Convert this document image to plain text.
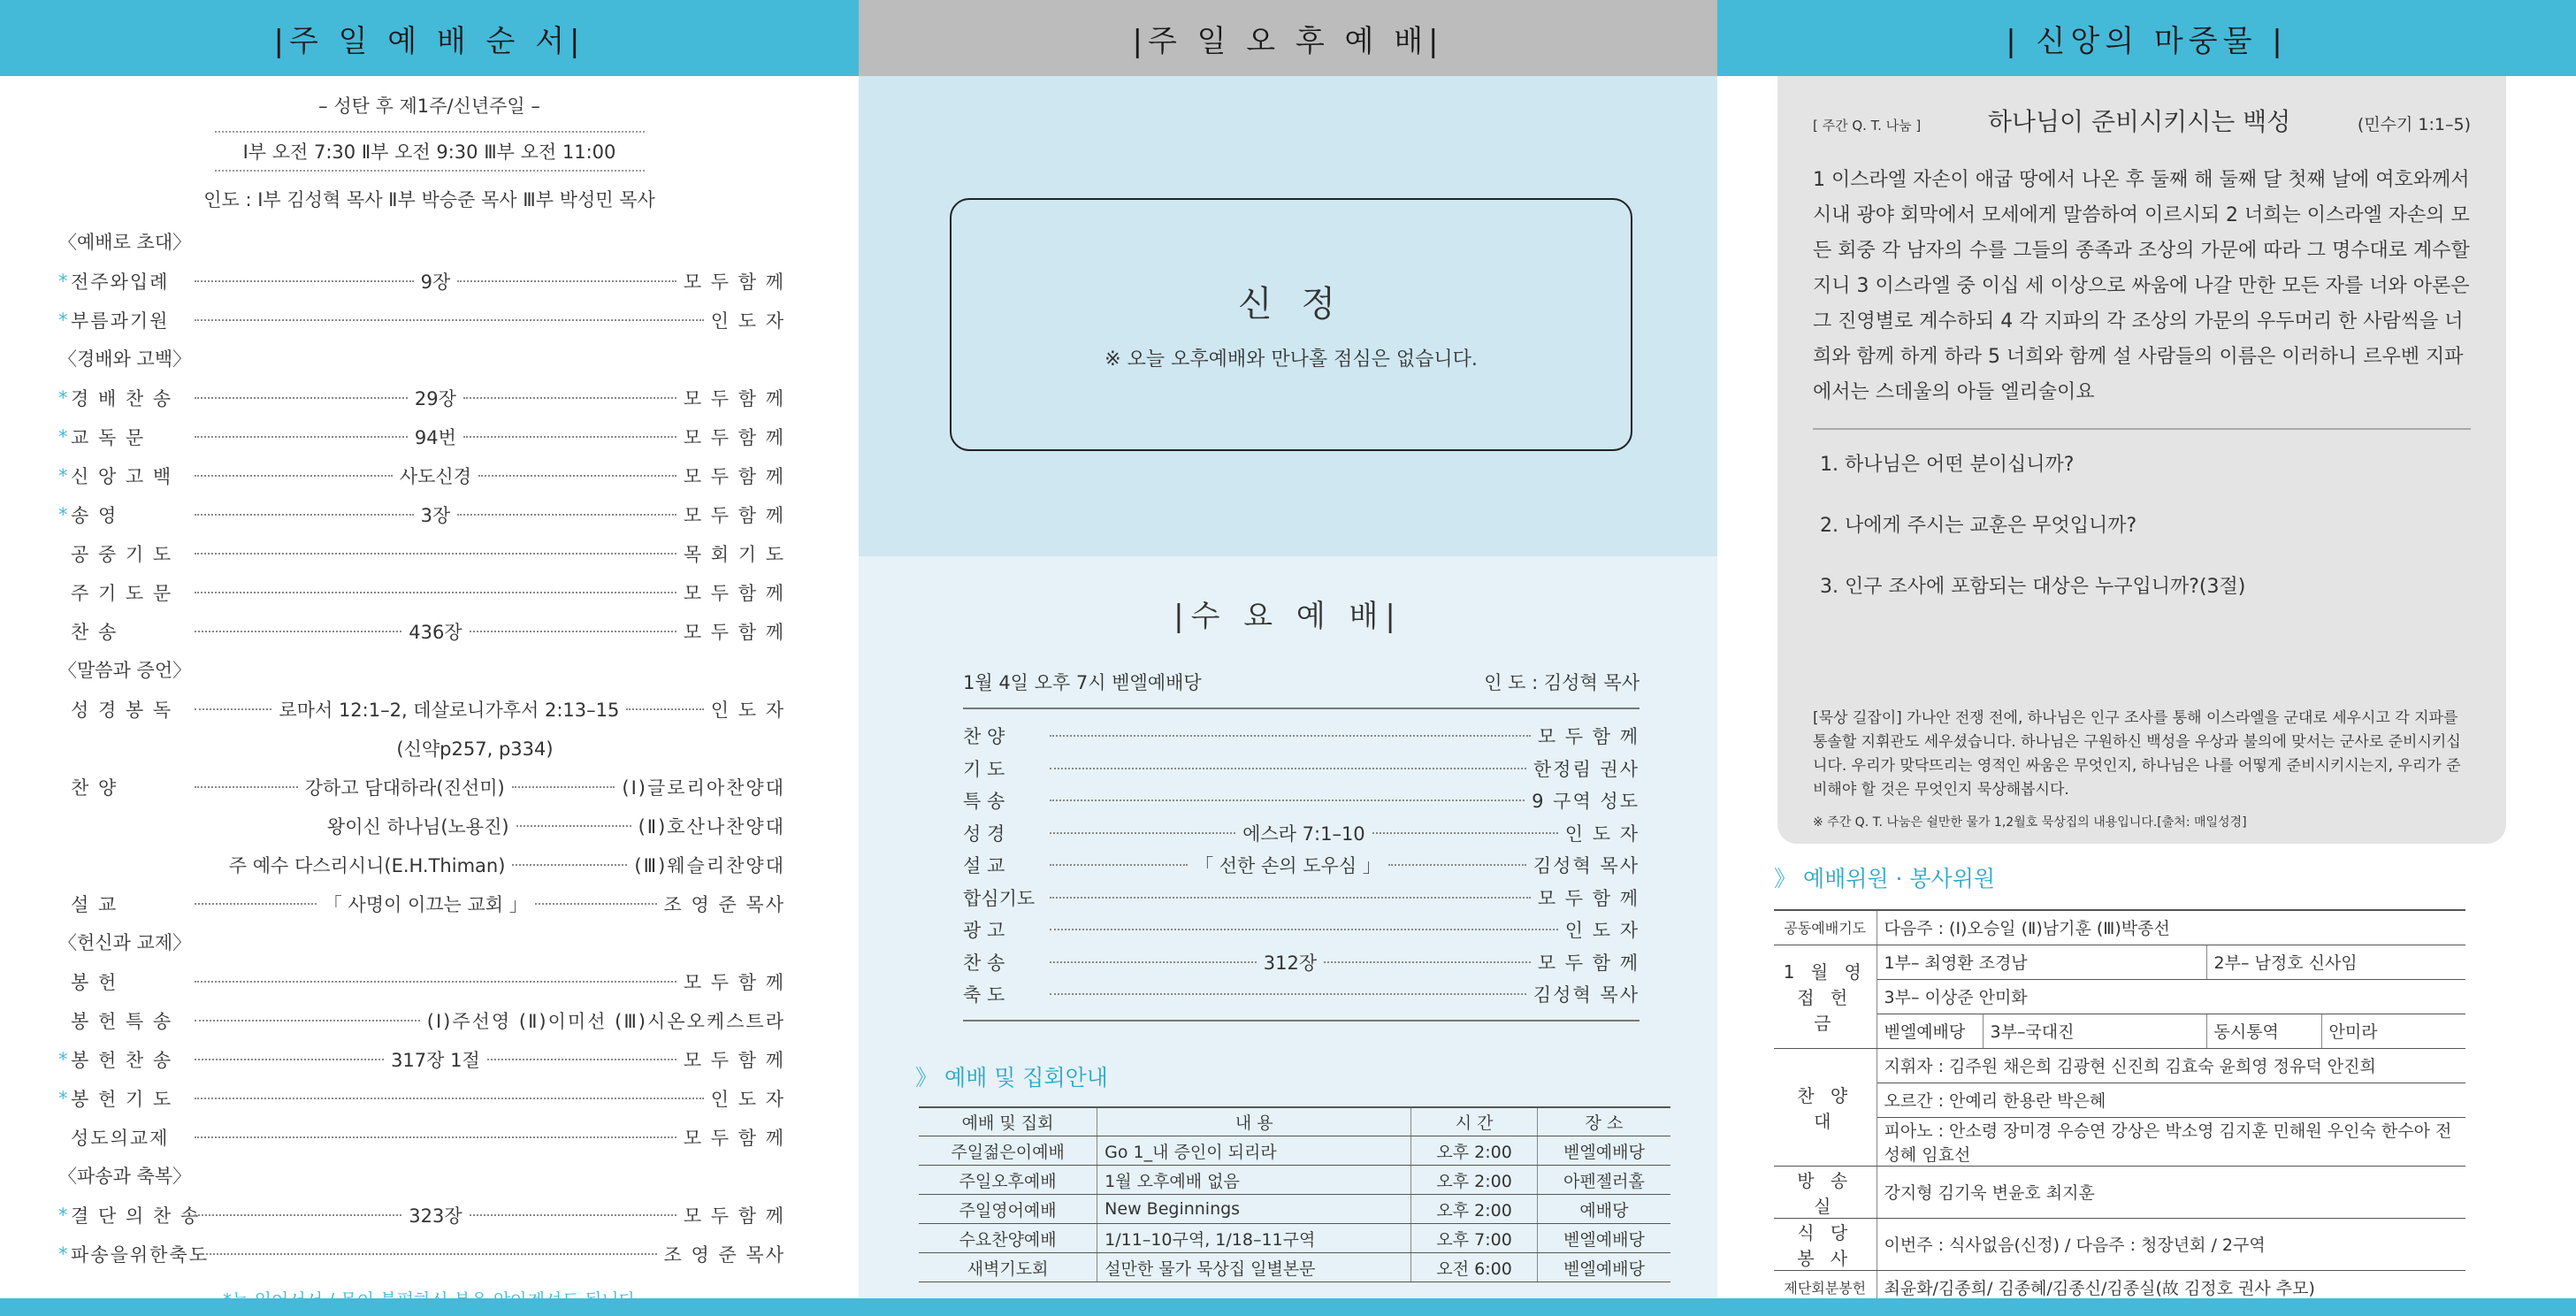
|주 일 예 배 순 서|
– 성탄 후 제1주/신년주일 –
Ⅰ부 오전 7:30 Ⅱ부 오전 9:30 Ⅲ부 오전 11:00
인도 : Ⅰ부 김성혁 목사 Ⅱ부 박승준 목사 Ⅲ부 박성민 목사
〈예배로 초대〉
* 전주와입례	9장	모 두 함 께
* 부름과기원	인 도 자
〈경배와 고백〉
* 경 배 찬 송	29장	모 두 함 께
* 교 독 문	94번	모 두 함 께
* 신 앙 고 백	사도신경	모 두 함 께
* 송 영	3장	모 두 함 께
공 중 기 도	목 회 기 도
주 기 도 문	모 두 함 께
찬 송	436장	모 두 함 께
〈말씀과 증언〉
성 경 봉 독	로마서 12:1–2, 데살로니가후서 2:13–15	인 도 자
(신약p257, p334)
찬 양	강하고 담대하라(진선미)	(Ⅰ)글로리아찬양대
왕이신 하나님(노용진)	(Ⅱ)호산나찬양대
주 예수 다스리시니(E.H.Thiman)	(Ⅲ)웨슬리찬양대
설 교	「 사명이 이끄는 교회 」	조 영 준 목사
〈헌신과 교제〉
봉 헌	모 두 함 께
봉 헌 특 송	(Ⅰ)주선영 (Ⅱ)이미선 (Ⅲ)시온오케스트라
* 봉 헌 찬 송	317장 1절	모 두 함 께
* 봉 헌 기 도	인 도 자
성도의교제	모 두 함 께
〈파송과 축복〉
* 결 단 의 찬 송	323장	모 두 함 께
* 파송을위한축도	조 영 준 목사
|주 일 오 후 예 배|
신 정
※ 오늘 오후예배와 만나홀 점심은 없습니다.
|수 요 예 배|
1월 4일 오후 7시 벧엘예배당	인 도 : 김성혁 목사
찬 양	모 두 함 께
기 도	한정림 권사
특 송	9 구역 성도
성 경	에스라 7:1–10	인 도 자
설 교	「 선한 손의 도우심 」	김성혁 목사
합심기도	모 두 함 께
광 고	인 도 자
찬 송	312장	모 두 함 께
축 도	김성혁 목사
》 예배 및 집회안내
예배 및 집회	내 용	시 간	장 소
주일젊은이예배	Go 1_내 증인이 되리라	오후 2:00	벧엘예배당
주일오후예배	1월 오후예배 없음	오후 2:00	아펜젤러홀
주일영어예배	New Beginnings	오후 2:00	예배당
수요찬양예배	1/11–10구역, 1/18–11구역	오후 7:00	벧엘예배당
새벽기도회	설만한 물가 묵상집 일별본문	오전 6:00	벧엘예배당
| 신앙의 마중물 |
[ 주간 Q. T. 나눔 ]	하나님이 준비시키시는 백성	(민수기 1:1–5)
1 이스라엘 자손이 애굽 땅에서 나온 후 둘째 해 둘째 달 첫째 날에 여호와께서 시내 광야 회막에서 모세에게 말씀하여 이르시되 2 너희는 이스라엘 자손의 모든 회중 각 남자의 수를 그들의 종족과 조상의 가문에 따라 그 명수대로 계수할지니 3 이스라엘 중 이십 세 이상으로 싸움에 나갈 만한 모든 자를 너와 아론은 그 진영별로 계수하되 4 각 지파의 각 조상의 가문의 우두머리 한 사람씩을 너희와 함께 하게 하라 5 너희와 함께 설 사람들의 이름은 이러하니 르우벤 지파에서는 스데울의 아들 엘리술이요
1. 하나님은 어떤 분이십니까?
2. 나에게 주시는 교훈은 무엇입니까?
3. 인구 조사에 포함되는 대상은 누구입니까?(3절)
[묵상 길잡이] 가나안 전쟁 전에, 하나님은 인구 조사를 통해 이스라엘을 군대로 세우시고 각 지파를 통솔할 지휘관도 세우셨습니다. 하나님은 구원하신 백성을 우상과 불의에 맞서는 군사로 준비시키십니다. 우리가 맞닥뜨리는 영적인 싸움은 무엇인지, 하나님은 나를 어떻게 준비시키시는지, 우리가 준비해야 할 것은 무엇인지 묵상해봅시다.
※ 주간 Q. T. 나눔은 쉴만한 물가 1,2월호 묵상집의 내용입니다.[출처: 매일성경]
》 예배위원 · 봉사위원
공동예배기도	다음주 : (Ⅰ)오승일 (Ⅱ)남기훈 (Ⅲ)박종선			
1 월 영 접 헌 금	1부– 최영환 조경남		2부– 남정호 신사임	
	3부– 이상준 안미화			
	벧엘예배당	3부–국대진	동시통역	안미라
찬 양 대	지휘자 : 김주원 채은희 김광현 신진희 김효숙 윤희영 정유덕 안진희			
	오르간 : 안예리 한용란 박은혜			
	피아노 : 안소령 장미경 우승연 강상은 박소영 김지훈 민해원 우인숙 한수아 전성혜 임효선			
방 송 실	강지형 김기욱 변윤호 최지훈			
식 당 봉 사	이번주 : 식사없음(신정) / 다음주 : 청장년회 / 2구역			
제단회분봉헌	최윤화/김종희/ 김종혜/김종신/김종실(故 김정호 권사 추모)			
